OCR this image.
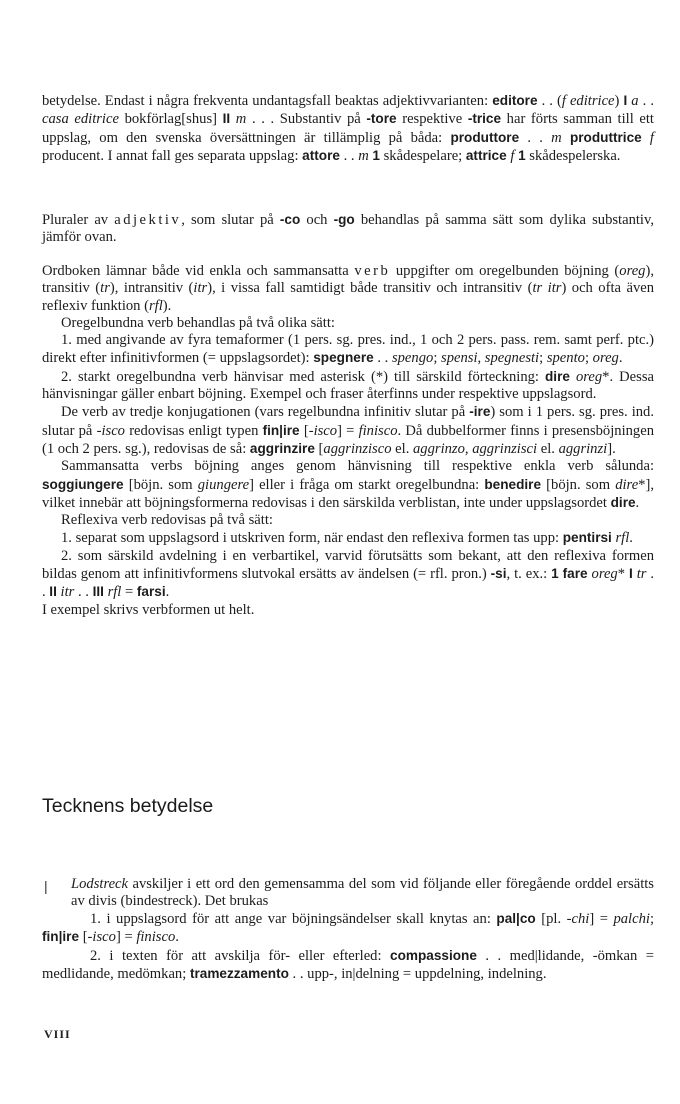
betydelse. Endast i några frekventa undantagsfall beaktas adjektivvarianten: editore . . (f editrice) I a . . casa editrice bokförlag[shus] II m . . . Substantiv på -tore respektive -trice har förts samman till ett uppslag, om den svenska översättningen är tillämplig på båda: produttore . . m produttrice f producent. I annat fall ges separata uppslag: attore . . m 1 skådespelare; attrice f 1 skådespelerska.

Pluraler av adjektiv, som slutar på -co och -go behandlas på samma sätt som dylika substantiv, jämför ovan.

Ordboken lämnar både vid enkla och sammansatta verb uppgifter om oregelbunden böjning (oreg), transitiv (tr), intransitiv (itr), i vissa fall samtidigt både transitiv och intransitiv (tr itr) och ofta även reflexiv funktion (rfl).
Oregelbundna verb behandlas på två olika sätt:
1. med angivande av fyra temaformer (1 pers. sg. pres. ind., 1 och 2 pers. pass. rem. samt perf. ptc.) direkt efter infinitivformen (= uppslagsordet): spegnere . . spengo; spensi, spegnesti; spento; oreg.
2. starkt oregelbundna verb hänvisar med asterisk (*) till särskild förteckning: dire oreg*. Dessa hänvisningar gäller enbart böjning. Exempel och fraser återfinns under respektive uppslagsord.
De verb av tredje konjugationen (vars regelbundna infinitiv slutar på -ire) som i 1 pers. sg. pres. ind. slutar på -isco redovisas enligt typen fin|ire [-isco] = finisco. Då dubbelformer finns i presensböjningen (1 och 2 pers. sg.), redovisas de så: aggrinzire [aggrinzisco el. aggrinzo, aggrinzisci el. aggrinzi].
Sammansatta verbs böjning anges genom hänvisning till respektive enkla verb sålunda: soggiungere [böjn. som giungere] eller i fråga om starkt oregelbundna: benedire [böjn. som dire*], vilket innebär att böjningsformerna redovisas i den särskilda verblistan, inte under uppslagsordet dire.
Reflexiva verb redovisas på två sätt:
1. separat som uppslagsord i utskriven form, när endast den reflexiva formen tas upp: pentirsi rfl.
2. som särskild avdelning i en verbartikel, varvid förutsätts som bekant, att den reflexiva formen bildas genom att infinitivformens slutvokal ersätts av ändelsen (= rfl. pron.) -si, t. ex.: 1 fare oreg* I tr . . II itr . . III rfl = farsi.
I exempel skrivs verbformen ut helt.
Tecknens betydelse
| Lodstreck avskiljer i ett ord den gemensamma del som vid följande eller föregående orddel ersätts av divis (bindestreck). Det brukas
1. i uppslagsord för att ange var böjningsändelser skall knytas an: pal|co [pl. -chi] = palchi; fin|ire [-isco] = finisco.
2. i texten för att avskilja för- eller efterled: compassione . . med|lidande, -ömkan = medlidande, medömkan; tramezzamento . . upp-, in|delning = uppdelning, indelning.
VIII
